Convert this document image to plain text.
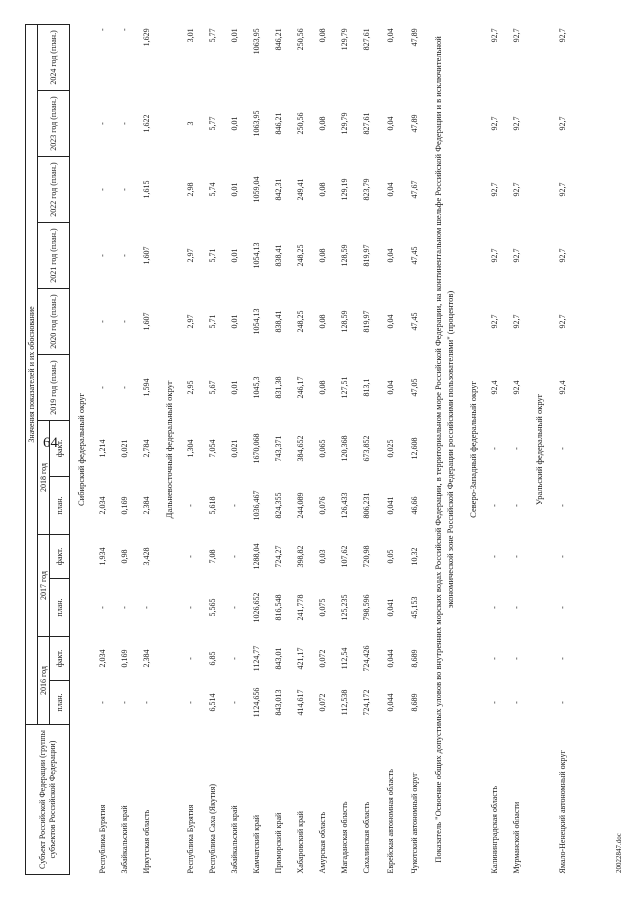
64
Субъект Российской Федерации (группы субъектов Российской Федерации)	Значения показателей и их обоснование											
	2016 год		2017 год		2018 год		2019 год (план.)	2020 год (план.)	2021 год (план.)	2022 год (план.)	2023 год (план.)	2024 год (план.)
	план.	факт.	план.	факт.	план.	факт.						
Сибирский федеральный округ												
Республика Бурятия	-	2,034	-	1,934	2,034	1,214	-	-	-	-	-	-
Забайкальский край	-	0,169	-	0,98	0,169	0,021	-	-	-	-	-	-
Иркутская область	-	2,384	-	3,428	2,384	2,784	1,594	1,607	1,607	1,615	1,622	1,629
Дальневосточный федеральный округ												
Республика Бурятия	-	-	-	-	-	1,304	2,95	2,97	2,97	2,98	3	3,01
Республика Саха (Якутия)	6,514	6,85	5,565	7,08	5,618	7,054	5,67	5,71	5,71	5,74	5,77	5,77
Забайкальский край	-	-	-	-	-	0,021	0,01	0,01	0,01	0,01	0,01	0,01
Камчатский край	1124,656	1124,77	1026,652	1288,04	1036,467	1670,068	1045,3	1054,13	1054,13	1059,04	1063,95	1063,95
Приморский край	843,013	843,01	816,548	724,27	824,355	743,371	831,38	838,41	838,41	842,31	846,21	846,21
Хабаровский край	414,617	421,17	241,778	398,82	244,089	384,652	246,17	248,25	248,25	249,41	250,56	250,56
Амурская область	0,072	0,072	0,075	0,03	0,076	0,065	0,08	0,08	0,08	0,08	0,08	0,08
Магаданская область	112,538	112,54	125,235	107,62	126,433	120,368	127,51	128,59	128,59	129,19	129,79	129,79
Сахалинская область	724,172	724,426	798,596	720,98	806,231	673,852	813,1	819,97	819,97	823,79	827,61	827,61
Еврейская автономная область	0,044	0,044	0,041	0,05	0,041	0,025	0,04	0,04	0,04	0,04	0,04	0,04
Чукотский автономный округ	8,689	8,689	45,153	10,32	46,66	12,608	47,05	47,45	47,45	47,67	47,89	47,89
Показатель "Освоение общих допустимых уловов во внутренних морских водах Российской Федерации, в территориальном море Российской Федерации, на континентальном шельфе Российской Федерации и в исключительной экономической зоне Российской Федерации российскими пользователями" (процентов)												
Северо-Западный федеральный округ												
Калининградская область	-	-	-	-	-	-	92,4	92,7	92,7	92,7	92,7	92,7
Мурманской области	-	-	-	-	-	-	92,4	92,7	92,7	92,7	92,7	92,7
Уральский федеральный округ												
Ямало-Ненецкий автономный округ	-	-	-	-	-	-	92,4	92,7	92,7	92,7	92,7	92,7
20022847.doc
